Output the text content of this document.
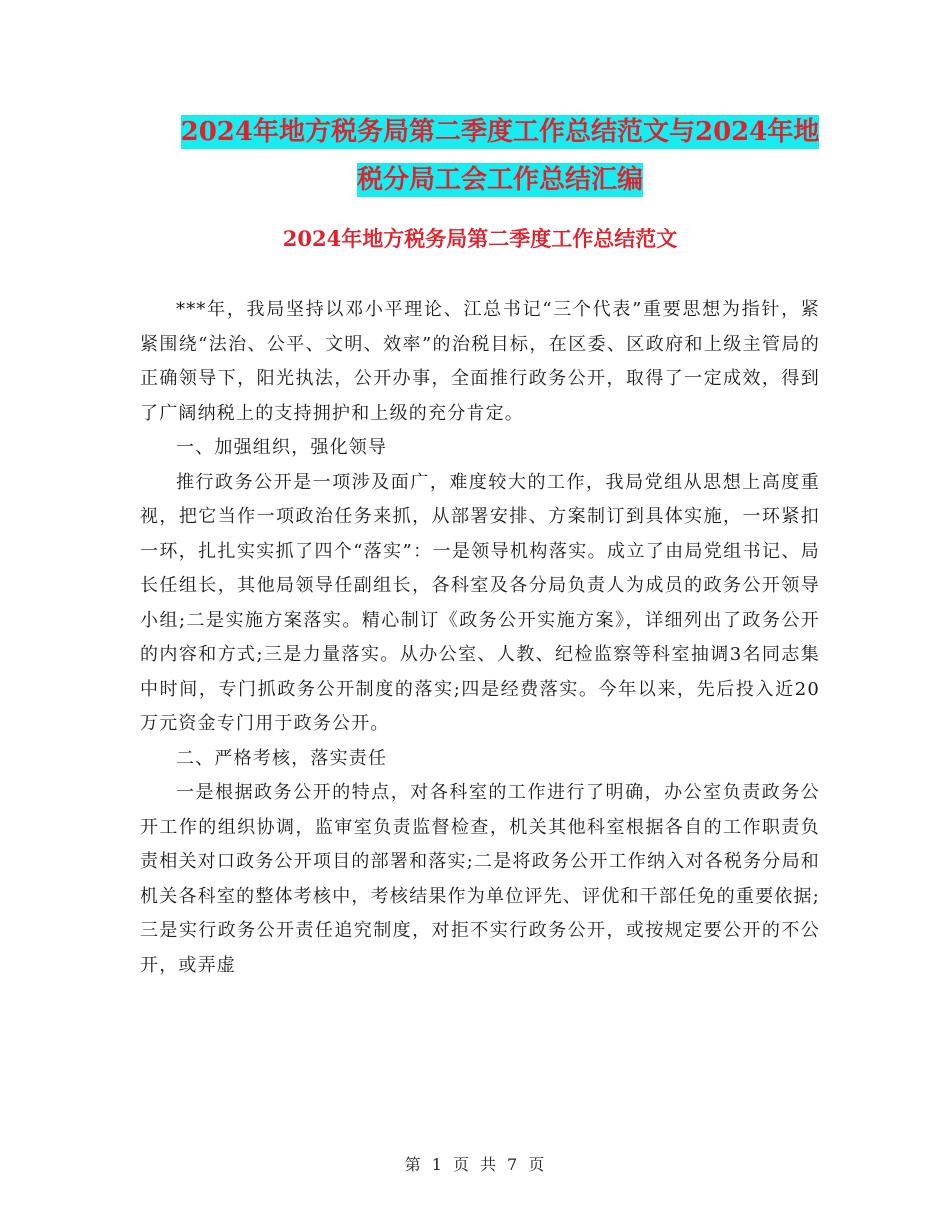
2024年地方税务局第二季度工作总结范文与2024年地
税分局工会工作总结汇编
2024年地方税务局第二季度工作总结范文

***年，我局坚持以邓小平理论、江总书记“三个代表”重要思想为指针，紧紧围绕“法治、公平、文明、效率”的治税目标，在区委、区政府和上级主管局的正确领导下，阳光执法，公开办事，全面推行政务公开，取得了一定成效，得到了广阔纳税上的支持拥护和上级的充分肯定。

一、加强组织，强化领导

推行政务公开是一项涉及面广，难度较大的工作，我局党组从思想上高度重视，把它当作一项政治任务来抓，从部署安排、方案制订到具体实施，一环紧扣一环，扎扎实实抓了四个“落实”：一是领导机构落实。成立了由局党组书记、局长任组长，其他局领导任副组长，各科室及各分局负责人为成员的政务公开领导小组;二是实施方案落实。精心制订《政务公开实施方案》，详细列出了政务公开的内容和方式;三是力量落实。从办公室、人教、纪检监察等科室抽调3名同志集中时间，专门抓政务公开制度的落实;四是经费落实。今年以来，先后投入近20万元资金专门用于政务公开。

二、严格考核，落实责任

一是根据政务公开的特点，对各科室的工作进行了明确，办公室负责政务公开工作的组织协调，监审室负责监督检查，机关其他科室根据各自的工作职责负责相关对口政务公开项目的部署和落实;二是将政务公开工作纳入对各税务分局和机关各科室的整体考核中，考核结果作为单位评先、评优和干部任免的重要依据;三是实行政务公开责任追究制度，对拒不实行政务公开，或按规定要公开的不公开，或弄虚

第 1 页 共 7 页
